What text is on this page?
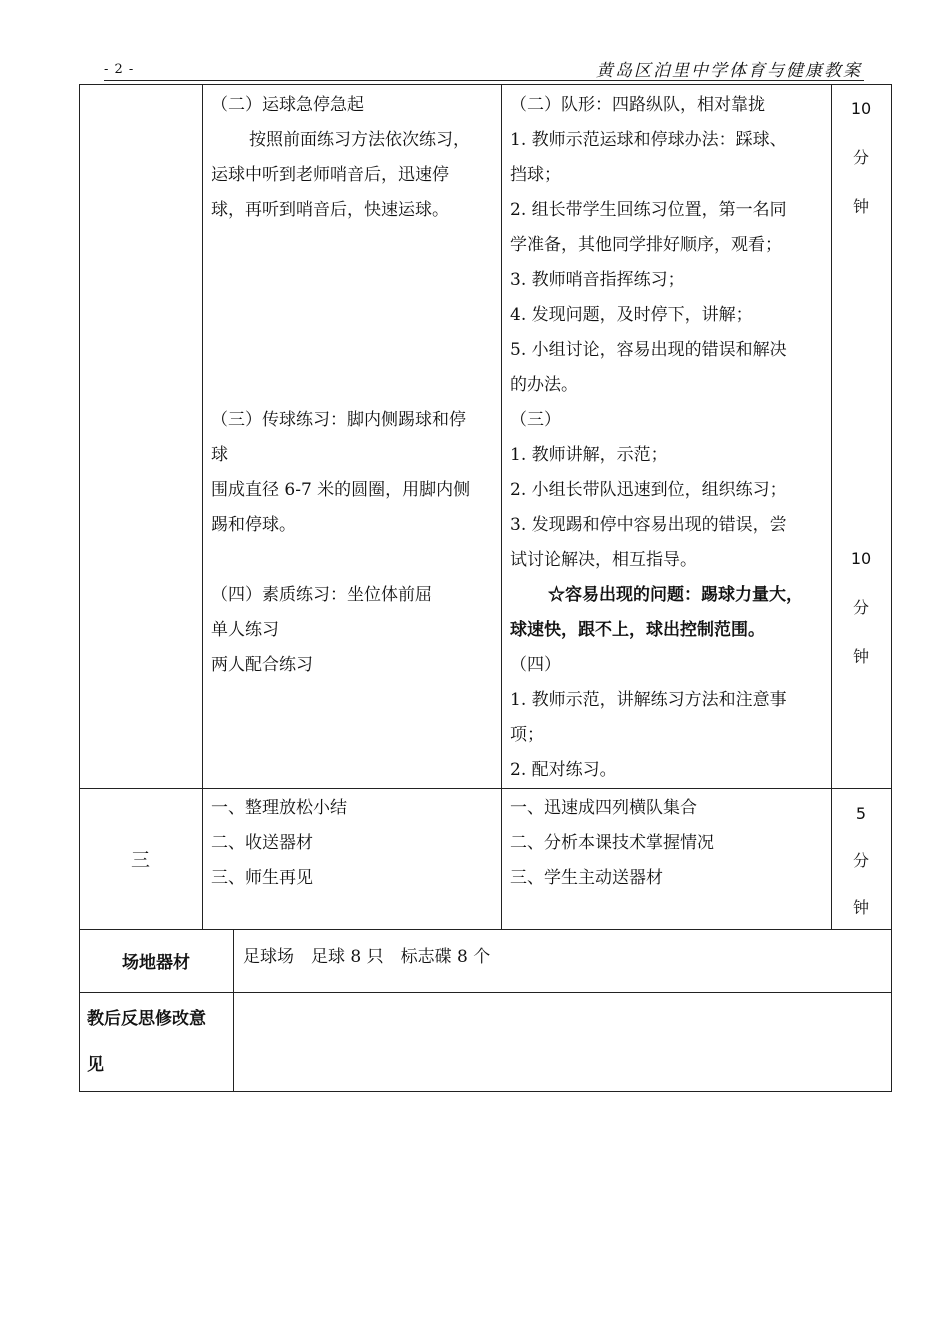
- 2 -	黄岛区泊里中学体育与健康教案
（二）运球急停急起
按照前面练习方法依次练习，
运球中听到老师哨音后，迅速停
球，再听到哨音后，快速运球。
（三）传球练习：脚内侧踢球和停
球
围成直径 6-7 米的圆圈，用脚内侧
踢和停球。
（四）素质练习：坐位体前屈
单人练习
两人配合练习
（二）队形：四路纵队，相对靠拢
1. 教师示范运球和停球办法：踩球、
挡球；
2. 组长带学生回练习位置，第一名同
学准备，其他同学排好顺序，观看；
3. 教师哨音指挥练习；
4. 发现问题，及时停下，讲解；
5. 小组讨论，容易出现的错误和解决
的办法。
（三）
1. 教师讲解，示范；
2. 小组长带队迅速到位，组织练习；
3. 发现踢和停中容易出现的错误，尝
试讨论解决，相互指导。
☆容易出现的问题：踢球力量大，
球速快，跟不上，球出控制范围。
（四）
1. 教师示范，讲解练习方法和注意事
项；
2. 配对练习。
10
分
钟
10
分
钟
三
一、整理放松小结
二、收送器材
三、师生再见
一、迅速成四列横队集合
二、分析本课技术掌握情况
三、学生主动送器材
5
分
钟
场地器材	足球场　足球 8 只　标志碟 8 个
教后反思修改意
见
